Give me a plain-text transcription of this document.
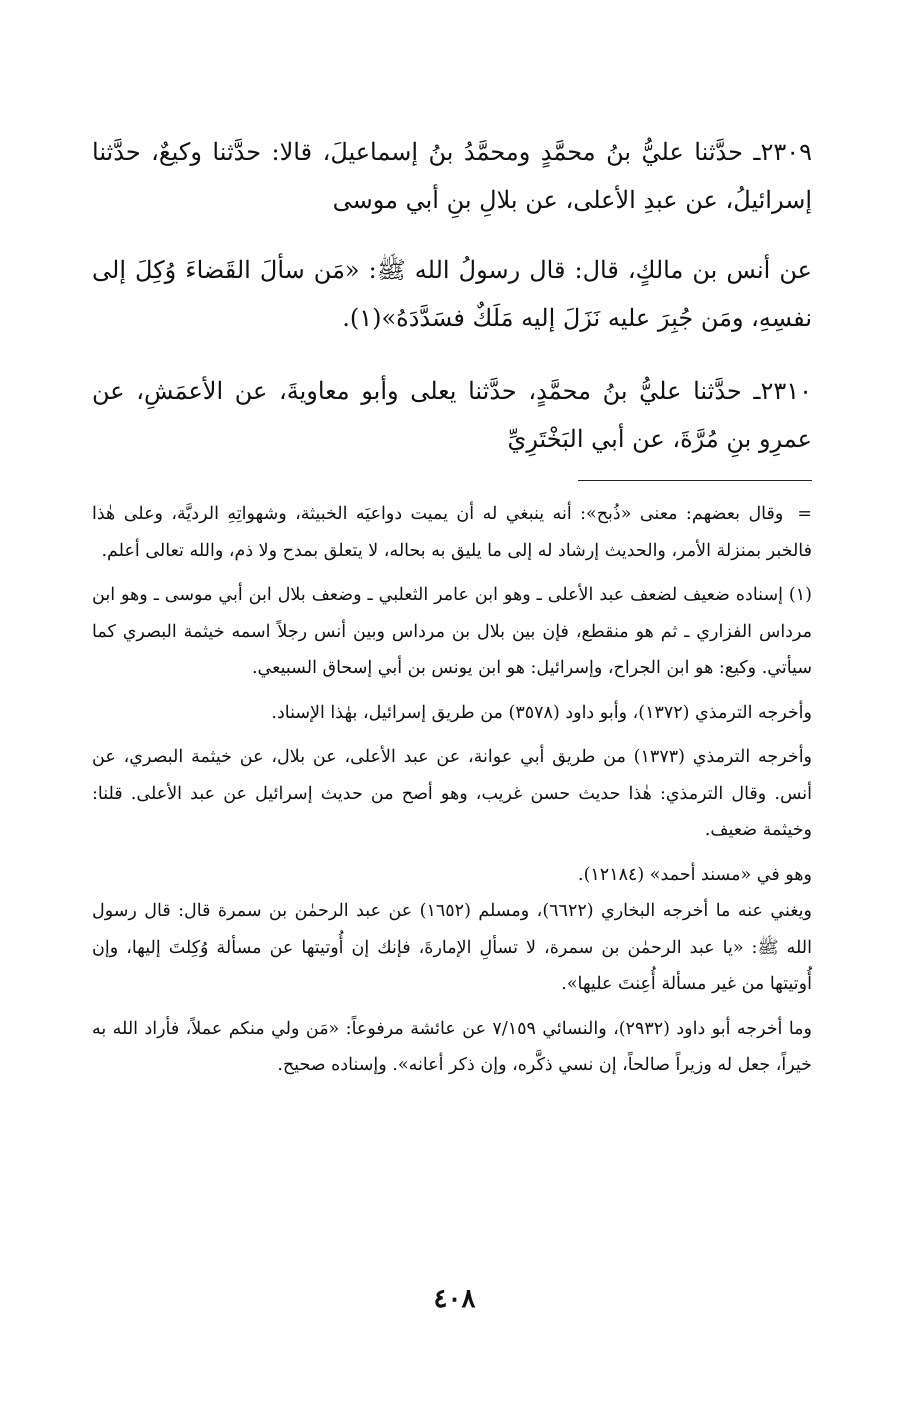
٢٣٠٩ـ حدَّثنا عليُّ بنُ محمَّدٍ ومحمَّدُ بنُ إسماعيلَ، قالا: حدَّثنا وكيعٌ، حدَّثنا إسرائيلُ، عن عبدِ الأعلى، عن بلالِ بنِ أبي موسى
عن أنس بن مالكٍ، قال: قال رسولُ الله ﷺ: «مَن سألَ القَضاءَ وُكِلَ إلى نفسِهِ، ومَن جُبِرَ عليه نَزَلَ إليه مَلَكٌ فسَدَّدَهُ»(١).
٢٣١٠ـ حدَّثنا عليُّ بنُ محمَّدٍ، حدَّثنا يعلى وأبو معاويةَ، عن الأعمَشِ، عن عمرِو بنِ مُرَّةَ، عن أبي البَخْتَرِيِّ

=وقال بعضهم: معنى «ذُبح»: أنه ينبغي له أن يميت دواعيَه الخبيثة، وشهواتِهِ الرديَّة، وعلى هٰذا فالخبر بمنزلة الأمر، والحديث إرشاد له إلى ما يليق به بحاله، لا يتعلق بمدح ولا ذم، والله تعالى أعلم.

(١) إسناده ضعيف لضعف عبد الأعلى ـ وهو ابن عامر الثعلبي ـ وضعف بلال ابن أبي موسى ـ وهو ابن مرداس الفزاري ـ ثم هو منقطع، فإن بين بلال بن مرداس وبين أنس رجلاً اسمه خيثمة البصري كما سيأتي. وكيع: هو ابن الجراح، وإسرائيل: هو ابن يونس بن أبي إسحاق السبيعي.

وأخرجه الترمذي (١٣٧٢)، وأبو داود (٣٥٧٨) من طريق إسرائيل، بهٰذا الإسناد.

وأخرجه الترمذي (١٣٧٣) من طريق أبي عوانة، عن عبد الأعلى، عن بلال، عن خيثمة البصري، عن أنس. وقال الترمذي: هٰذا حديث حسن غريب، وهو أصح من حديث إسرائيل عن عبد الأعلى. قلنا: وخيثمة ضعيف.

وهو في «مسند أحمد» (١٢١٨٤).

ويغني عنه ما أخرجه البخاري (٦٦٢٢)، ومسلم (١٦٥٢) عن عبد الرحمٰن بن سمرة قال: قال رسول الله ﷺ: «يا عبد الرحمٰن بن سمرة، لا تسألِ الإمارةَ، فإنك إن أُوتيتها عن مسألة وُكِلتَ إليها، وإن أُوتيتها من غير مسألة أُعِنتَ عليها».

وما أخرجه أبو داود (٢٩٣٢)، والنسائي ٧/١٥٩ عن عائشة مرفوعاً: «مَن ولي منكم عملاً، فأراد الله به خيراً، جعل له وزيراً صالحاً، إن نسي ذكَّره، وإن ذكر أعانه». وإسناده صحيح.

٤٠٨
